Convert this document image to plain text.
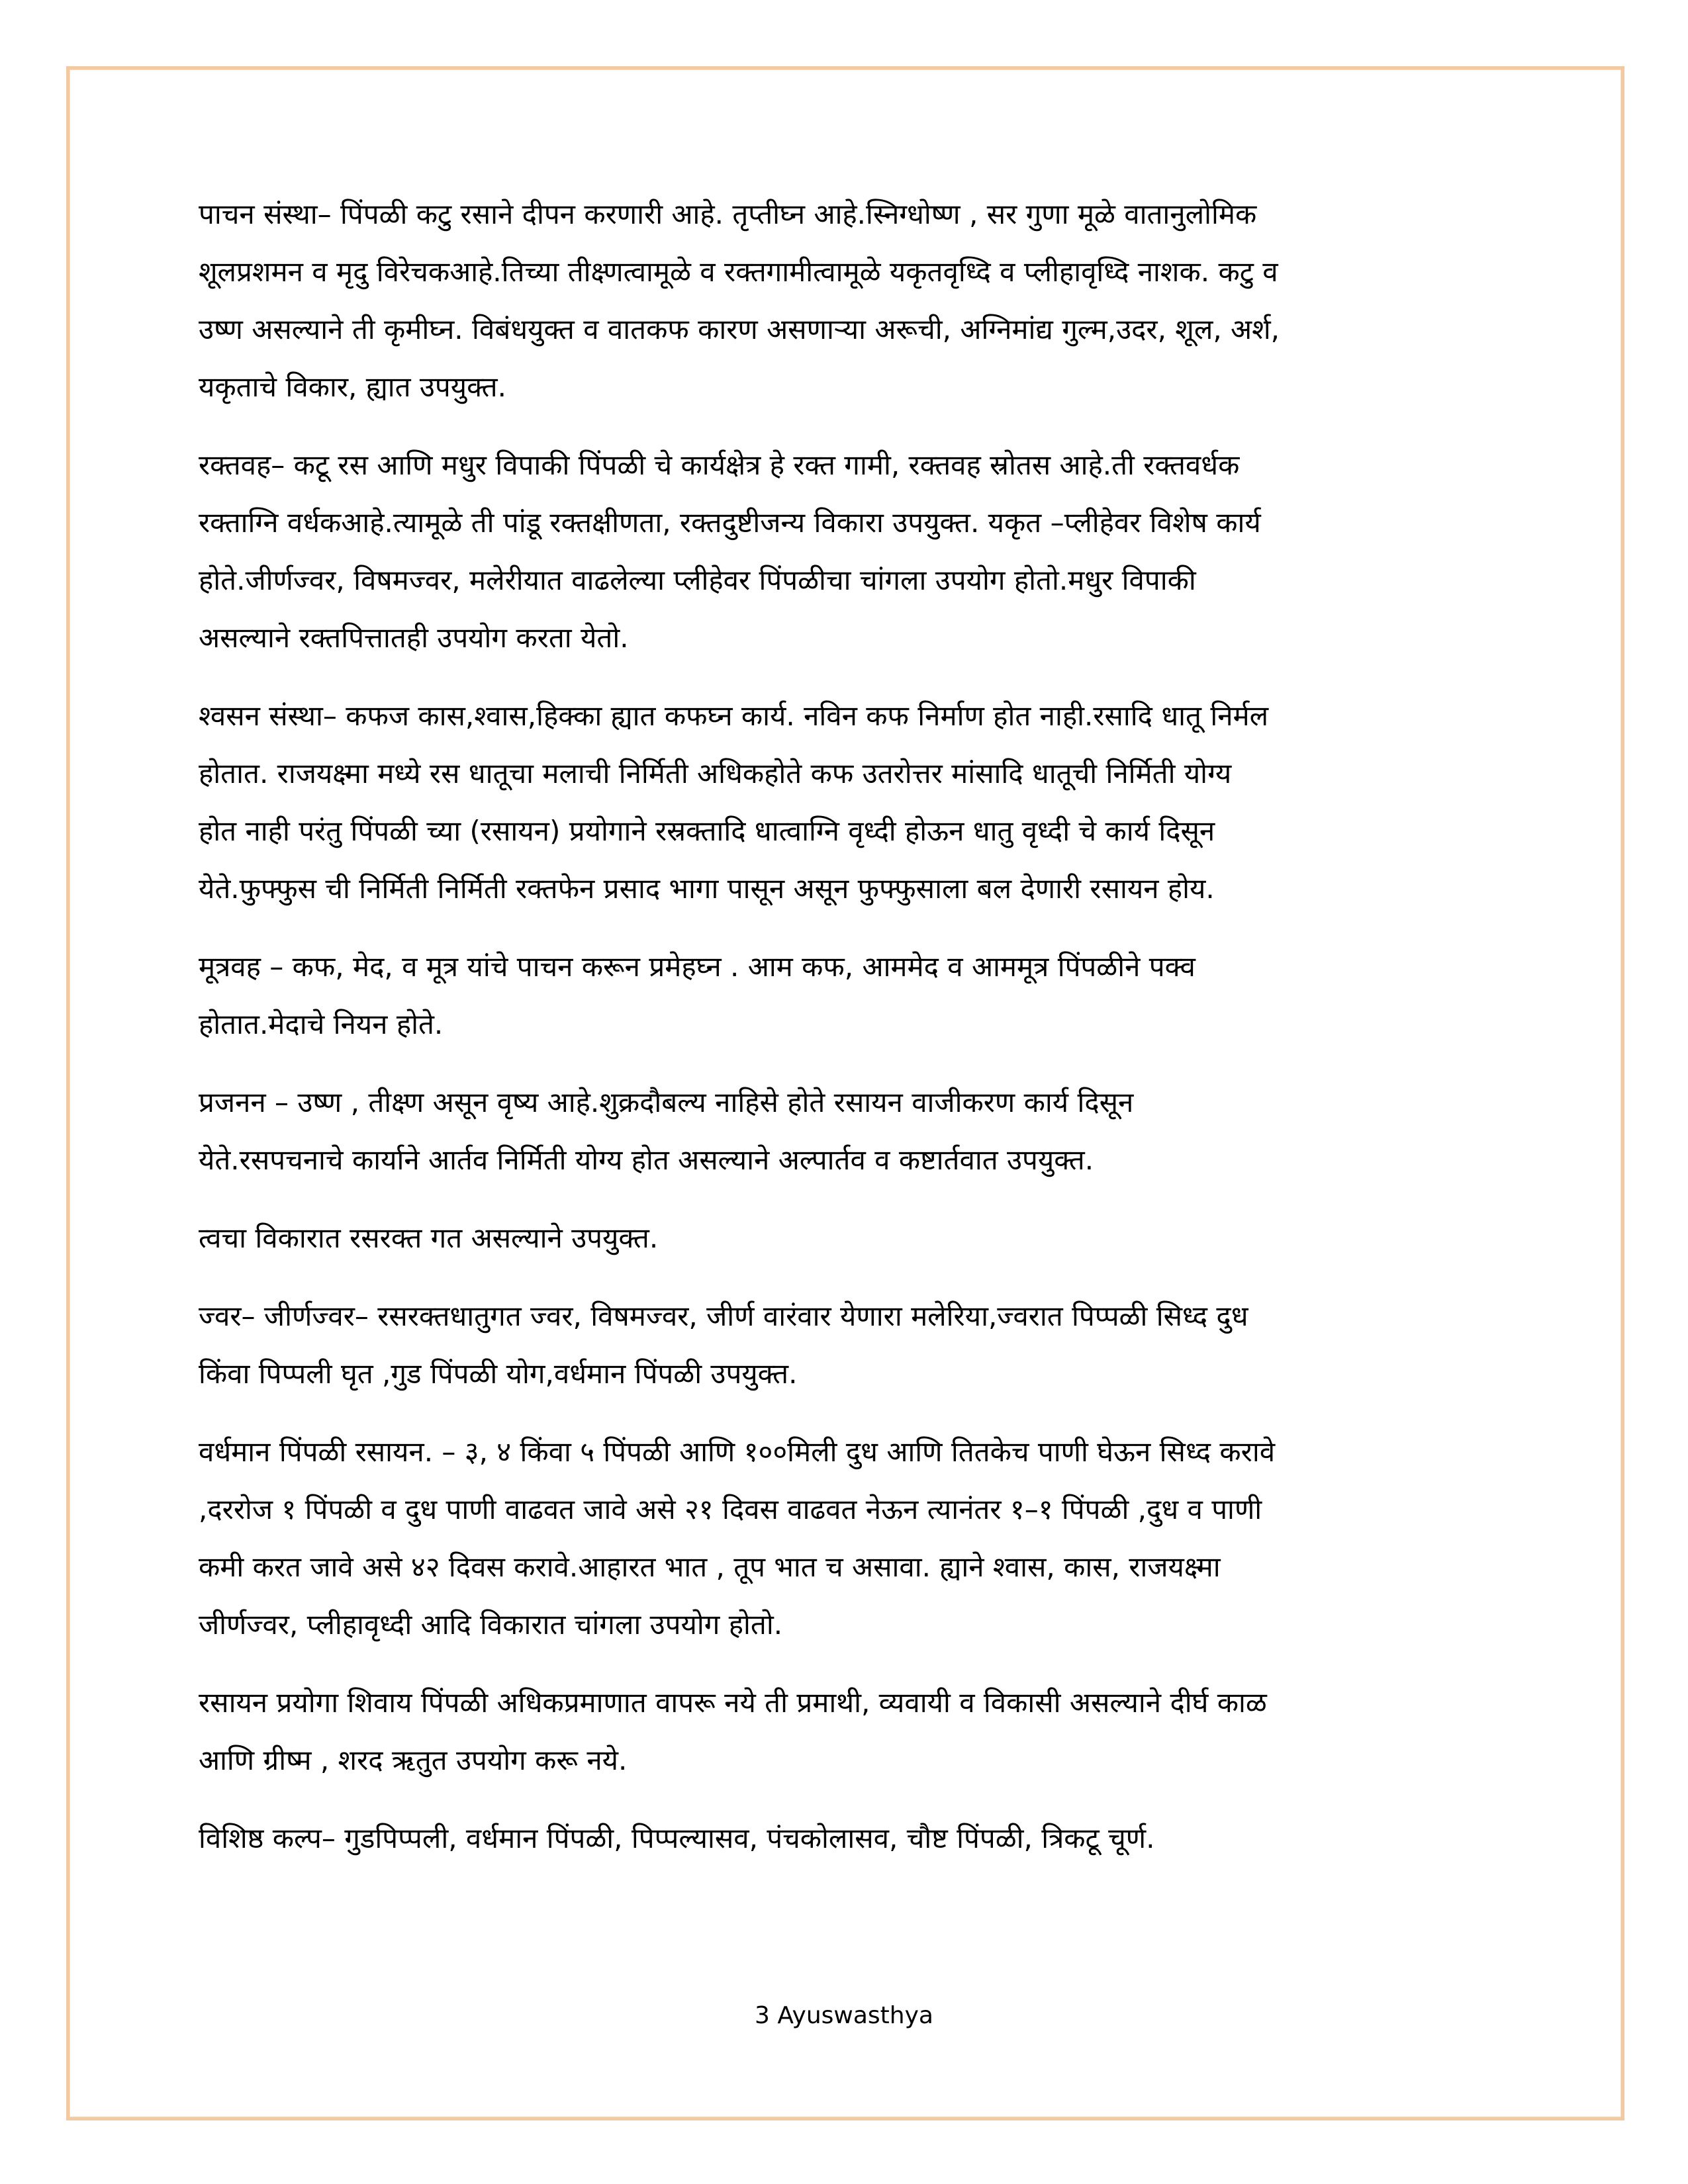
पाचन संस्था– पिंपळी कटु रसाने दीपन करणारी आहे. तृप्तीघ्न आहे.स्निग्धोष्ण , सर गुणा मूळे वातानुलोमिक
शूलप्रशमन व मृदु विरेचकआहे.तिच्या तीक्ष्णत्वामूळे व रक्तगामीत्वामूळे यकृतवृध्दि व प्लीहावृध्दि नाशक. कटु व
उष्ण असल्याने ती कृमीघ्न. विबंधयुक्त व वातकफ कारण असणाऱ्या अरूची, अग्निमांद्य गुल्म,उदर, शूल, अर्श,
यकृताचे विकार, ह्यात उपयुक्त.

रक्तवह– कटू रस आणि मधुर विपाकी पिंपळी चे कार्यक्षेत्र हे रक्त गामी, रक्तवह स्रोतस आहे.ती रक्तवर्धक
रक्ताग्नि वर्धकआहे.त्यामूळे ती पांडू रक्तक्षीणता, रक्तदुष्टीजन्य विकारा उपयुक्त. यकृत –प्लीहेवर विशेष कार्य
होते.जीर्णज्वर, विषमज्वर, मलेरीयात वाढलेल्या प्लीहेवर पिंपळीचा चांगला उपयोग होतो.मधुर विपाकी
असल्याने रक्तपित्तातही उपयोग करता येतो.

श्वसन संस्था– कफज कास,श्वास,हिक्का ह्यात कफघ्न कार्य. नविन कफ निर्माण होत नाही.रसादि धातू निर्मल
होतात. राजयक्ष्मा मध्ये रस धातूचा मलाची निर्मिती अधिकहोते कफ उतरोत्तर मांसादि धातूची निर्मिती योग्य
होत नाही परंतु पिंपळी च्या (रसायन) प्रयोगाने रस्रक्तादि धात्वाग्नि वृध्दी होऊन धातु वृध्दी चे कार्य दिसून
येते.फुफ्फुस ची निर्मिती निर्मिती रक्तफेन प्रसाद भागा पासून असून फुफ्फुसाला बल देणारी रसायन होय.

मूत्रवह – कफ, मेद, व मूत्र यांचे पाचन करून प्रमेहघ्न . आम कफ, आममेद व आममूत्र पिंपळीने पक्व
होतात.मेदाचे नियन होते.

प्रजनन – उष्ण , तीक्ष्ण असून वृष्य आहे.शुक्रदौबल्य नाहिसे होते रसायन वाजीकरण कार्य दिसून
येते.रसपचनाचे कार्याने आर्तव निर्मिती योग्य होत असल्याने अल्पार्तव व कष्टार्तवात उपयुक्त.

त्वचा विकारात रसरक्त गत असल्याने उपयुक्त.

ज्वर– जीर्णज्वर– रसरक्तधातुगत ज्वर, विषमज्वर, जीर्ण वारंवार येणारा मलेरिया,ज्वरात पिप्पळी सिध्द दुध
किंवा पिप्पली घृत ,गुड पिंपळी योग,वर्धमान पिंपळी उपयुक्त.

वर्धमान पिंपळी रसायन. – ३, ४ किंवा ५ पिंपळी आणि १००मिली दुध आणि तितकेच पाणी घेऊन सिध्द करावे
,दररोज १ पिंपळी व दुध पाणी वाढवत जावे असे २१ दिवस वाढवत नेऊन त्यानंतर १–१ पिंपळी ,दुध व पाणी
कमी करत जावे असे ४२ दिवस करावे.आहारत भात , तूप भात च असावा. ह्याने श्वास, कास, राजयक्ष्मा
जीर्णज्वर, प्लीहावृध्दी आदि विकारात चांगला उपयोग होतो.

रसायन प्रयोगा शिवाय पिंपळी अधिकप्रमाणात वापरू नये ती प्रमाथी, व्यवायी व विकासी असल्याने दीर्घ काळ
आणि ग्रीष्म , शरद ऋतुत उपयोग करू नये.

विशिष्ठ कल्प– गुडपिप्पली, वर्धमान पिंपळी, पिप्पल्यासव, पंचकोलासव, चौष्ट पिंपळी, त्रिकटू चूर्ण.

3 Ayuswasthya
